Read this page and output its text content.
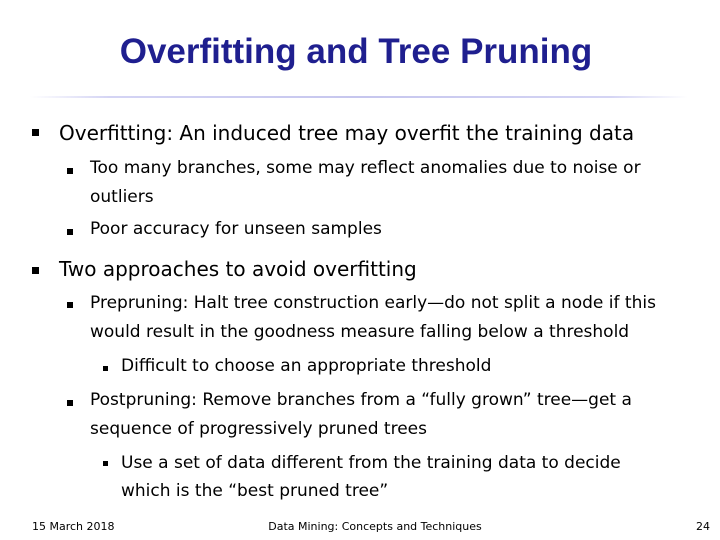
Overfitting and Tree Pruning

Overfitting: An induced tree may overfit the training data

Too many branches, some may reflect anomalies due to noise or outliers

Poor accuracy for unseen samples

Two approaches to avoid overfitting

Prepruning: Halt tree construction early—do not split a node if this would result in the goodness measure falling below a threshold

Difficult to choose an appropriate threshold

Postpruning: Remove branches from a “fully grown” tree—get a sequence of progressively pruned trees

Use a set of data different from the training data to decide which is the “best pruned tree”

15 March 2018	Data Mining: Concepts and Techniques	24
